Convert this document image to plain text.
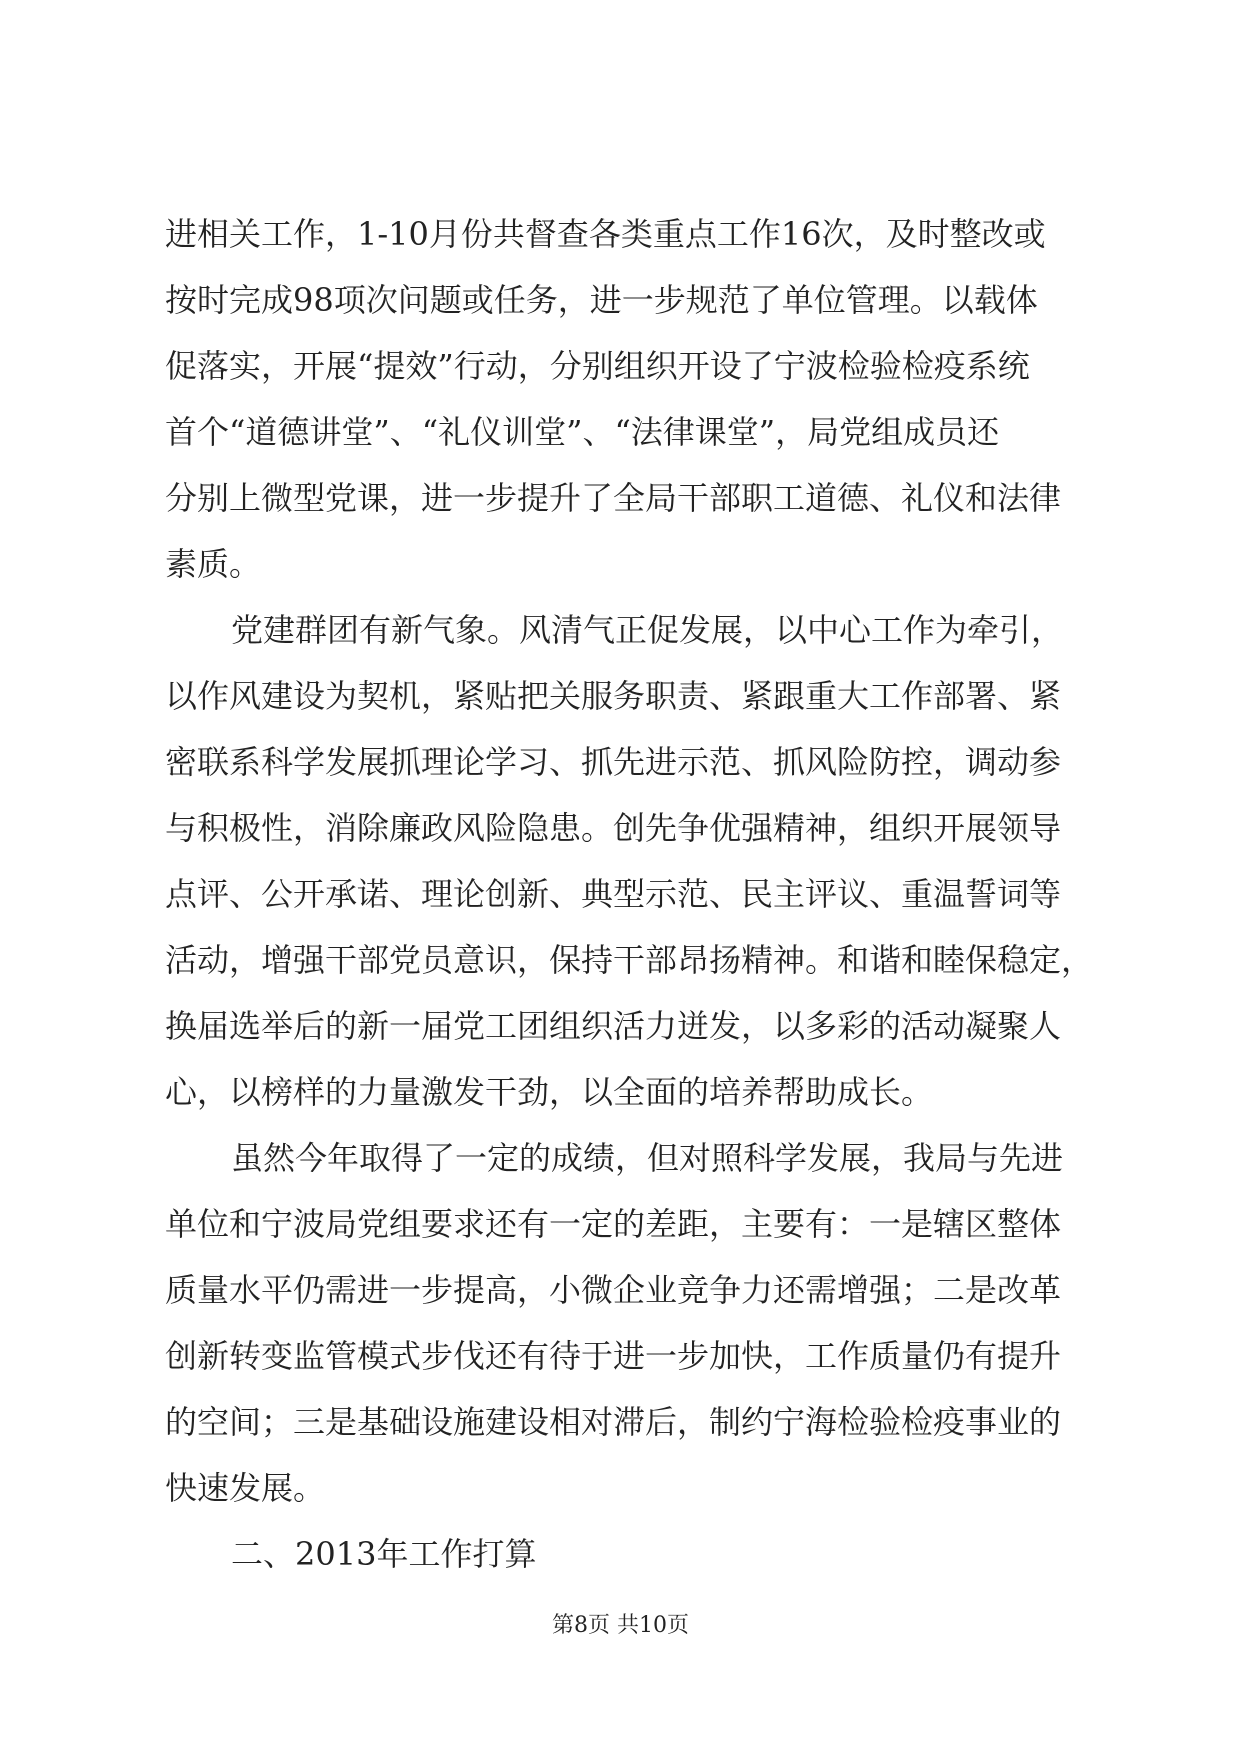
进相关工作，1-10月份共督查各类重点工作16次，及时整改或
按时完成98项次问题或任务，进一步规范了单位管理。以载体
促落实，开展“提效”行动，分别组织开设了宁波检验检疫系统
首个“道德讲堂”、“礼仪训堂”、“法律课堂”，局党组成员还
分别上微型党课，进一步提升了全局干部职工道德、礼仪和法律
素质。
党建群团有新气象。风清气正促发展，以中心工作为牵引，
以作风建设为契机，紧贴把关服务职责、紧跟重大工作部署、紧
密联系科学发展抓理论学习、抓先进示范、抓风险防控，调动参
与积极性，消除廉政风险隐患。创先争优强精神，组织开展领导
点评、公开承诺、理论创新、典型示范、民主评议、重温誓词等
活动，增强干部党员意识，保持干部昂扬精神。和谐和睦保稳定，
换届选举后的新一届党工团组织活力迸发，以多彩的活动凝聚人
心，以榜样的力量激发干劲，以全面的培养帮助成长。
虽然今年取得了一定的成绩，但对照科学发展，我局与先进
单位和宁波局党组要求还有一定的差距，主要有：一是辖区整体
质量水平仍需进一步提高，小微企业竞争力还需增强；二是改革
创新转变监管模式步伐还有待于进一步加快，工作质量仍有提升
的空间；三是基础设施建设相对滞后，制约宁海检验检疫事业的
快速发展。
二、2013年工作打算
第8页 共10页
